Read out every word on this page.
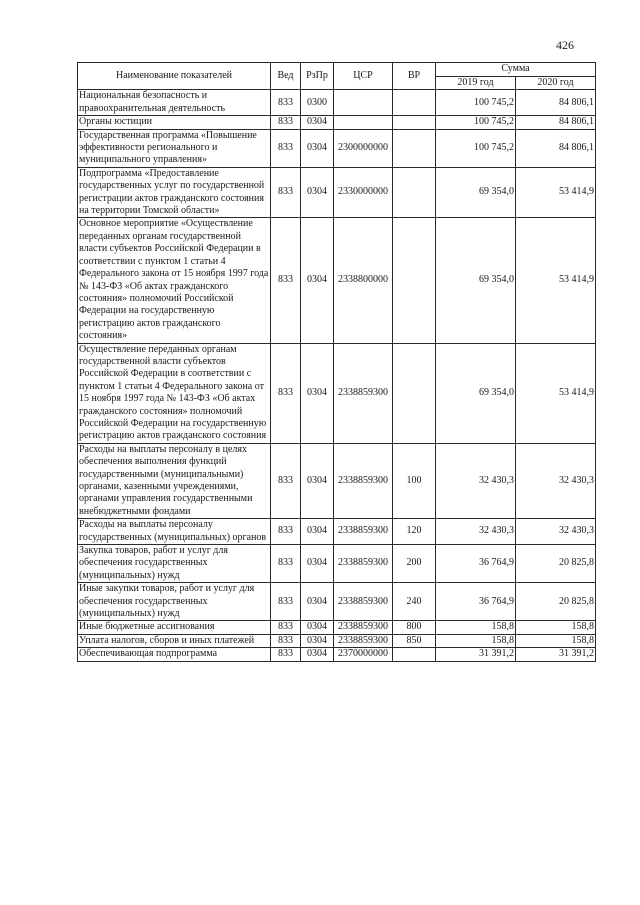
426
Наименование показателей	Вед	РзПр	ЦСР	ВР	Сумма	
					2019 год	2020 год
Национальная безопасность и правоохранительная деятельность	833	0300			100 745,2	84 806,1
Органы юстиции	833	0304			100 745,2	84 806,1
Государственная программа «Повышение эффективности регионального и муниципального управления»	833	0304	2300000000		100 745,2	84 806,1
Подпрограмма «Предоставление государственных услуг по государственной регистрации актов гражданского состояния на территории Томской области»	833	0304	2330000000		69 354,0	53 414,9
Основное мероприятие «Осуществление переданных органам государственной власти субъектов Российской Федерации в соответствии с пунктом 1 статьи 4 Федерального закона от 15 ноября 1997 года № 143-ФЗ «Об актах гражданского состояния» полномочий Российской Федерации на государственную регистрацию актов гражданского состояния»	833	0304	2338800000		69 354,0	53 414,9
Осуществление переданных органам государственной власти субъектов Российской Федерации в соответствии с пунктом 1 статьи 4 Федерального закона от 15 ноября 1997 года № 143-ФЗ «Об актах гражданского состояния» полномочий Российской Федерации на государственную регистрацию актов гражданского состояния	833	0304	2338859300		69 354,0	53 414,9
Расходы на выплаты персоналу в целях обеспечения выполнения функций государственными (муниципальными) органами, казенными учреждениями, органами управления государственными внебюджетными фондами	833	0304	2338859300	100	32 430,3	32 430,3
Расходы на выплаты персоналу государственных (муниципальных) органов	833	0304	2338859300	120	32 430,3	32 430,3
Закупка товаров, работ и услуг для обеспечения государственных (муниципальных) нужд	833	0304	2338859300	200	36 764,9	20 825,8
Иные закупки товаров, работ и услуг для обеспечения государственных (муниципальных) нужд	833	0304	2338859300	240	36 764,9	20 825,8
Иные бюджетные ассигнования	833	0304	2338859300	800	158,8	158,8
Уплата налогов, сборов и иных платежей	833	0304	2338859300	850	158,8	158,8
Обеспечивающая подпрограмма	833	0304	2370000000		31 391,2	31 391,2
